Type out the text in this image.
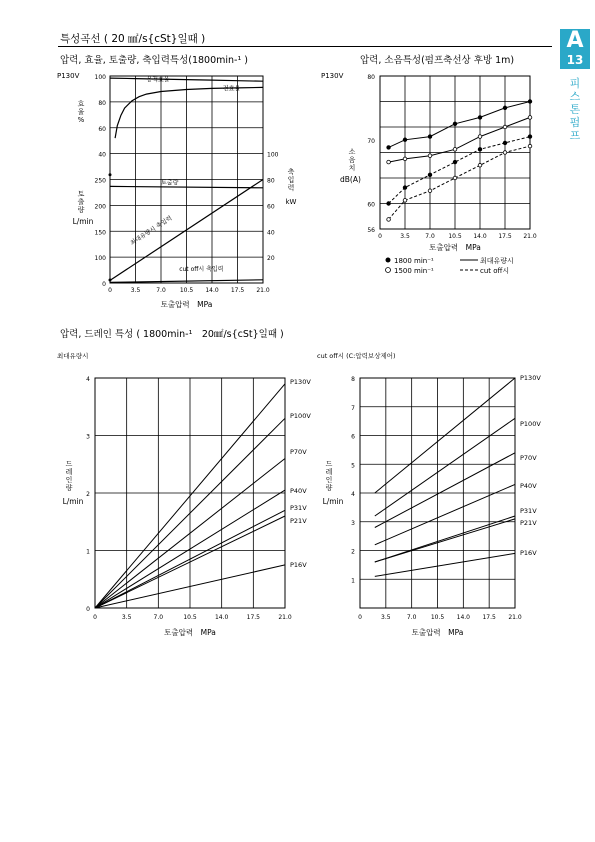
특성곡선 ( 20 ㎟/s{cSt}일때 )	A
13
피
스
톤
펌
프
압력, 효율, 토출량, 축입력특성(1800min-¹ )	압력, 소음특성(펌프축선상 후방 1m)
압력, 드레인 특성 ( 1800min-¹　20㎟/s{cSt}일때 )
P130V	100
80
60
40
250
200
150
100
0
100
80
60
40
20
0	3.5	7.0 10.5 14.0 17.5 21.0
토출압력　MPa
효
율
%
토
출
량
L/min
축
입
력
kW
용적효율
전효율
토출량
최대유량시 축입력
cut off시 축입력
P130V	80
70
60
56
0	3.5	7.0 10.5 14.0 17.5 21.0
토출압력　MPa
소
음
치
dB(A)
1800 min⁻¹
1500 min⁻¹
최대유량시
cut off시
최대유량시
4
3
2
1
0
0	3.5	7.0	10.5	14.0	17.5	21.0
토출압력　MPa
드
레
인
량
L/min
P130V
P100V
P70V
P40V
P31V
P21V
P16V
cut off시 (C:압력보상제어)
8
7
6
5
4
3
2
1
0	3.5	7.0 10.5 14.0 17.5 21.0
토출압력　MPa
드
레
인
량
L/min
P130V
P100V
P70V
P40V
P31V
P21V
P16V
